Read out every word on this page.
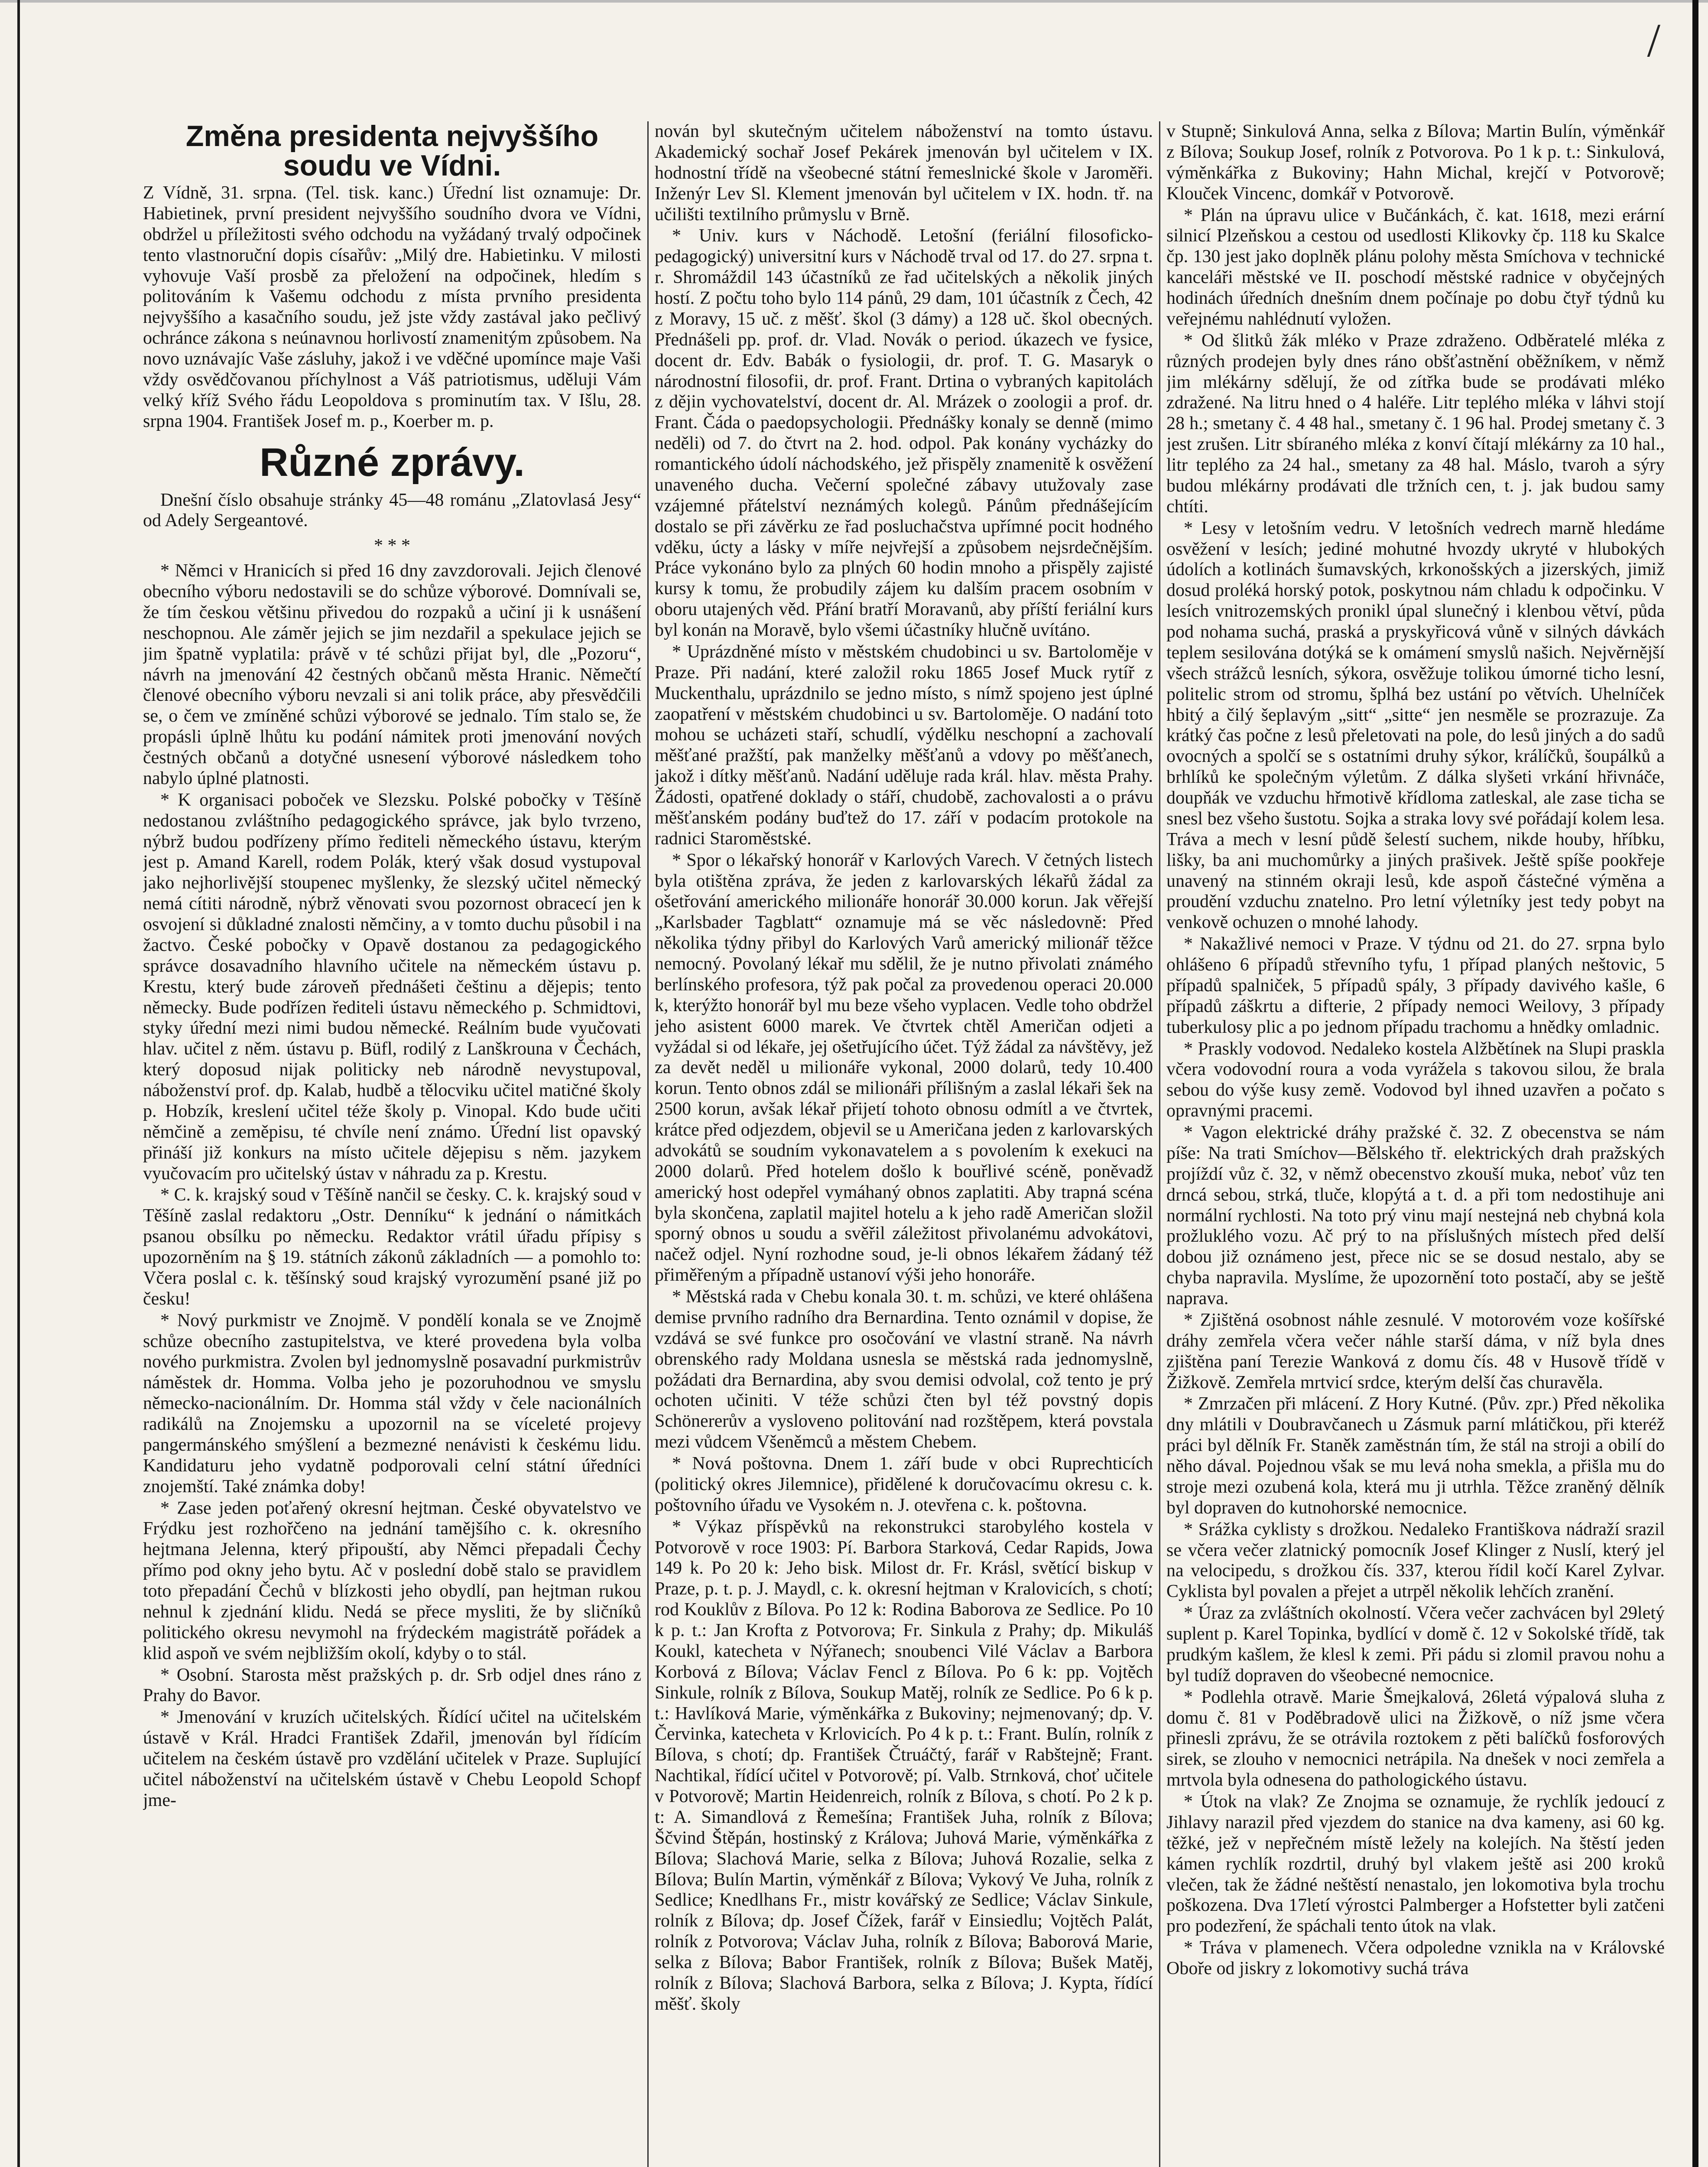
/
Změna presidenta nejvyššího soudu ve Vídni.

Z Vídně, 31. srpna. (Tel. tisk. kanc.) Úřední list oznamuje: Dr. Habietinek, první president nejvyššího soudního dvora ve Vídni, obdržel u příležitosti svého odchodu na vyžádaný trvalý odpočinek tento vlastnoruční dopis císařův: „Milý dre. Habietinku. V milosti vyhovuje Vaší prosbě za přeložení na odpočinek, hledím s politováním k Vašemu odchodu z místa prvního presidenta nejvyššího a kasačního soudu, jež jste vždy zastával jako pečlivý ochránce zákona s neúnavnou horlivostí znamenitým způsobem. Na novo uznávajíc Vaše zásluhy, jakož i ve vděčné upomínce maje Vaši vždy osvědčovanou příchylnost a Váš patriotismus, uděluji Vám velký kříž Svého řádu Leopoldova s prominutím tax. V Išlu, 28. srpna 1904. František Josef m. p., Koerber m. p.

Různé zprávy.

Dnešní číslo obsahuje stránky 45—48 románu „Zlatovlasá Jesy“ od Adely Sergeantové.

* * *

* Němci v Hranicích si před 16 dny zavzdorovali. Jejich členové obecního výboru nedostavili se do schůze výborové. Domnívali se, že tím českou většinu přivedou do rozpaků a učiní ji k usnášení neschopnou. Ale záměr jejich se jim nezdařil a spekulace jejich se jim špatně vyplatila: právě v té schůzi přijat byl, dle „Pozoru“, návrh na jmenování 42 čestných občanů města Hranic. Němečtí členové obecního výboru nevzali si ani tolik práce, aby přesvědčili se, o čem ve zmíněné schůzi výborové se jednalo. Tím stalo se, že propásli úplně lhůtu ku podání námitek proti jmenování nových čestných občanů a dotyčné usnesení výborové následkem toho nabylo úplné platnosti.

* K organisaci poboček ve Slezsku. Polské pobočky v Těšíně nedostanou zvláštního pedagogického správce, jak bylo tvrzeno, nýbrž budou podřízeny přímo řediteli německého ústavu, kterým jest p. Amand Karell, rodem Polák, který však dosud vystupoval jako nejhorlivější stoupenec myšlenky, že slezský učitel německý nemá cítiti národně, nýbrž věnovati svou pozornost obracecí jen k osvojení si důkladné znalosti němčiny, a v tomto duchu působil i na žactvo. České pobočky v Opavě dostanou za pedagogického správce dosavadního hlavního učitele na německém ústavu p. Krestu, který bude zároveň přednášeti češtinu a dějepis; tento německy. Bude podřízen řediteli ústavu německého p. Schmidtovi, styky úřední mezi nimi budou německé. Reálním bude vyučovati hlav. učitel z něm. ústavu p. Büfl, rodilý z Lanškrouna v Čechách, který doposud nijak politicky neb národně nevystupoval, náboženství prof. dp. Kalab, hudbě a tělocviku učitel matičné školy p. Hobzík, kreslení učitel téže školy p. Vinopal. Kdo bude učiti němčině a zeměpisu, té chvíle není známo. Úřední list opavský přináší již konkurs na místo učitele dějepisu s něm. jazykem vyučovacím pro učitelský ústav v náhradu za p. Krestu.

* C. k. krajský soud v Těšíně nančil se česky. C. k. krajský soud v Těšíně zaslal redaktoru „Ostr. Denníku“ k jednání o námitkách psanou obsílku po německu. Redaktor vrátil úřadu přípisy s upozorněním na § 19. státních zákonů základních — a pomohlo to: Včera poslal c. k. těšínský soud krajský vyrozumění psané již po česku!

* Nový purkmistr ve Znojmě. V pondělí konala se ve Znojmě schůze obecního zastupitelstva, ve které provedena byla volba nového purkmistra. Zvolen byl jednomyslně posavadní purkmistrův náměstek dr. Homma. Volba jeho je pozoruhodnou ve smyslu německo-nacionálním. Dr. Homma stál vždy v čele nacionálních radikálů na Znojemsku a upozornil na se víceleté projevy pangermánského smýšlení a bezmezné nenávisti k českému lidu. Kandidaturu jeho vydatně podporovali celní státní úředníci znojemští. Také známka doby!

* Zase jeden poťařený okresní hejtman. České obyvatelstvo ve Frýdku jest rozhořčeno na jednání tamějšího c. k. okresního hejtmana Jelenna, který připouští, aby Němci přepadali Čechy přímo pod okny jeho bytu. Ač v poslední době stalo se pravidlem toto přepadání Čechů v blízkosti jeho obydlí, pan hejtman rukou nehnul k zjednání klidu. Nedá se přece mysliti, že by sličníků politického okresu nevymohl na frýdeckém magistrátě pořádek a klid aspoň ve svém nejbližším okolí, kdyby o to stál.

* Osobní. Starosta měst pražských p. dr. Srb odjel dnes ráno z Prahy do Bavor.

* Jmenování v kruzích učitelských. Řídící učitel na učitelském ústavě v Král. Hradci František Zdařil, jmenován byl řídícím učitelem na českém ústavě pro vzdělání učitelek v Praze. Suplující učitel náboženství na učitelském ústavě v Chebu Leopold Schopf jme-

nován byl skutečným učitelem náboženství na tomto ústavu. Akademický sochař Josef Pekárek jmenován byl učitelem v IX. hodnostní třídě na všeobecné státní řemeslnické škole v Jaroměři. Inženýr Lev Sl. Klement jmenován byl učitelem v IX. hodn. tř. na učilišti textilního průmyslu v Brně.

* Univ. kurs v Náchodě. Letošní (feriální filosoficko-pedagogický) universitní kurs v Náchodě trval od 17. do 27. srpna t. r. Shromáždil 143 účastníků ze řad učitelských a několik jiných hostí. Z počtu toho bylo 114 pánů, 29 dam, 101 účastník z Čech, 42 z Moravy, 15 uč. z měšť. škol (3 dámy) a 128 uč. škol obecných. Přednášeli pp. prof. dr. Vlad. Novák o period. úkazech ve fysice, docent dr. Edv. Babák o fysiologii, dr. prof. T. G. Masaryk o národnostní filosofii, dr. prof. Frant. Drtina o vybraných kapitolách z dějin vychovatelství, docent dr. Al. Mrázek o zoologii a prof. dr. Frant. Čáda o paedopsychologii. Přednášky konaly se denně (mimo neděli) od 7. do čtvrt na 2. hod. odpol. Pak konány vycházky do romantického údolí náchodského, jež přispěly znamenitě k osvěžení unaveného ducha. Večerní společné zábavy utužovaly zase vzájemné přátelství neznámých kolegů. Pánům přednášejícím dostalo se při závěrku ze řad posluchačstva upřímné pocit hodného vděku, úcty a lásky v míře nejvřejší a způsobem nejsrdečnějším. Práce vykonáno bylo za plných 60 hodin mnoho a přispěly zajisté kursy k tomu, že probudily zájem ku dalším pracem osobním v oboru utajených věd. Přání bratří Moravanů, aby příští feriální kurs byl konán na Moravě, bylo všemi účastníky hlučně uvítáno.

* Uprázdněné místo v městském chudobinci u sv. Bartoloměje v Praze. Při nadání, které založil roku 1865 Josef Muck rytíř z Muckenthalu, uprázdnilo se jedno místo, s nímž spojeno jest úplné zaopatření v městském chudobinci u sv. Bartoloměje. O nadání toto mohou se ucházeti staří, schudlí, výdělku neschopní a zachovalí měšťané pražští, pak manželky měšťanů a vdovy po měšťanech, jakož i dítky měšťanů. Nadání uděluje rada král. hlav. města Prahy. Žádosti, opatřené doklady o stáří, chudobě, zachovalosti a o právu měšťanském podány buďtež do 17. září v podacím protokole na radnici Staroměstské.

* Spor o lékařský honorář v Karlových Varech. V četných listech byla otištěna zpráva, že jeden z karlovarských lékařů žádal za ošetřování amerického milionáře honorář 30.000 korun. Jak věřejší „Karlsbader Tagblatt“ oznamuje má se věc následovně: Před několika týdny přibyl do Karlových Varů americký milionář těžce nemocný. Povolaný lékař mu sdělil, že je nutno přivolati známého berlínského profesora, týž pak počal za provedenou operaci 20.000 k, kterýžto honorář byl mu beze všeho vyplacen. Vedle toho obdržel jeho asistent 6000 marek. Ve čtvrtek chtěl Američan odjeti a vyžádal si od lékaře, jej ošetřujícího účet. Týž žádal za návštěvy, jež za devět neděl u milionáře vykonal, 2000 dolarů, tedy 10.400 korun. Tento obnos zdál se milionáři přílišným a zaslal lékaři šek na 2500 korun, avšak lékař přijetí tohoto obnosu odmítl a ve čtvrtek, krátce před odjezdem, objevil se u Američana jeden z karlovarských advokátů se soudním vykonavatelem a s povolením k exekuci na 2000 dolarů. Před hotelem došlo k bouřlivé scéně, poněvadž americký host odepřel vymáhaný obnos zaplatiti. Aby trapná scéna byla skončena, zaplatil majitel hotelu a k jeho radě Američan složil sporný obnos u soudu a svěřil záležitost přivolanému advokátovi, načež odjel. Nyní rozhodne soud, je-li obnos lékařem žádaný též přiměřeným a případně ustanoví výši jeho honoráře.

* Městská rada v Chebu konala 30. t. m. schůzi, ve které ohlášena demise prvního radního dra Bernardina. Tento oznámil v dopise, že vzdává se své funkce pro osočování ve vlastní straně. Na návrh obrenského rady Moldana usnesla se městská rada jednomyslně, požádati dra Bernardina, aby svou demisi odvolal, což tento je prý ochoten učiniti. V téže schůzi čten byl též povstný dopis Schönererův a vysloveno politování nad rozštěpem, která povstala mezi vůdcem Všeněmců a městem Chebem.

* Nová poštovna. Dnem 1. září bude v obci Ruprechticích (politický okres Jilemnice), přidělené k doručovacímu okresu c. k. poštovního úřadu ve Vysokém n. J. otevřena c. k. poštovna.

* Výkaz příspěvků na rekonstrukci starobylého kostela v Potvorově v roce 1903: Pí. Barbora Starková, Cedar Rapids, Jowa 149 k. Po 20 k: Jeho bisk. Milost dr. Fr. Krásl, světící biskup v Praze, p. t. p. J. Maydl, c. k. okresní hejtman v Kralovicích, s chotí; rod Kouklův z Bílova. Po 12 k: Rodina Baborova ze Sedlice. Po 10 k p. t.: Jan Krofta z Potvorova; Fr. Sinkula z Prahy; dp. Mikuláš Koukl, katecheta v Nýřanech; snoubenci Vilé Václav a Barbora Korbová z Bílova; Václav Fencl z Bílova. Po 6 k: pp. Vojtěch Sinkule, rolník z Bílova, Soukup Matěj, rolník ze Sedlice. Po 6 k p. t.: Havlíková Marie, výměnkářka z Bukoviny; nejmenovaný; dp. V. Červinka, katecheta v Krlovicích. Po 4 k p. t.: Frant. Bulín, rolník z Bílova, s chotí; dp. František Čtruáčtý, farář v Rabštejně; Frant. Nachtikal, řídící učitel v Potvorově; pí. Valb. Strnková, choť učitele v Potvorově; Martin Heidenreich, rolník z Bílova, s chotí. Po 2 k p. t: A. Simandlová z Řemešína; František Juha, rolník z Bílova; Ščvind Štěpán, hostinský z Králova; Juhová Marie, výměnkářka z Bílova; Slachová Marie, selka z Bílova; Juhová Rozalie, selka z Bílova; Bulín Martin, výměnkář z Bílova; Vykový Ve Juha, rolník z Sedlice; Knedlhans Fr., mistr kovářský ze Sedlice; Václav Sinkule, rolník z Bílova; dp. Josef Čížek, farář v Einsiedlu; Vojtěch Palát, rolník z Potvorova; Václav Juha, rolník z Bílova; Baborová Marie, selka z Bílova; Babor František, rolník z Bílova; Bušek Matěj, rolník z Bílova; Slachová Barbora, selka z Bílova; J. Kypta, řídící měšť. školy

v Stupně; Sinkulová Anna, selka z Bílova; Martin Bulín, výměnkář z Bílova; Soukup Josef, rolník z Potvorova. Po 1 k p. t.: Sinkulová, výměnkářka z Bukoviny; Hahn Michal, krejčí v Potvorově; Klouček Vincenc, domkář v Potvorově.

* Plán na úpravu ulice v Bučánkách, č. kat. 1618, mezi erární silnicí Plzeňskou a cestou od usedlosti Klikovky čp. 118 ku Skalce čp. 130 jest jako doplněk plánu polohy města Smíchova v technické kanceláři městské ve II. poschodí městské radnice v obyčejných hodinách úředních dnešním dnem počínaje po dobu čtyř týdnů ku veřejnému nahlédnutí vyložen.

* Od šlitků žák mléko v Praze zdraženo. Odběratelé mléka z různých prodejen byly dnes ráno obšťastnění oběžníkem, v němž jim mlékárny sdělují, že od zítřka bude se prodávati mléko zdražené. Na litru hned o 4 haléře. Litr teplého mléka v láhvi stojí 28 h.; smetany č. 4 48 hal., smetany č. 1 96 hal. Prodej smetany č. 3 jest zrušen. Litr sbíraného mléka z konví čítají mlékárny za 10 hal., litr teplého za 24 hal., smetany za 48 hal. Máslo, tvaroh a sýry budou mlékárny prodávati dle tržních cen, t. j. jak budou samy chtíti.

* Lesy v letošním vedru. V letošních vedrech marně hledáme osvěžení v lesích; jediné mohutné hvozdy ukryté v hlubokých údolích a kotlinách šumavských, krkonošských a jizerských, jimiž dosud proléká horský potok, poskytnou nám chladu k odpočinku. V lesích vnitrozemských pronikl úpal slunečný i klenbou větví, půda pod nohama suchá, praská a pryskyřicová vůně v silných dávkách teplem sesilována dotýká se k omámení smyslů našich. Nejvěrnější všech strážců lesních, sýkora, osvěžuje tolikou úmorné ticho lesní, politelic strom od stromu, šplhá bez ustání po větvích. Uhelníček hbitý a čilý šeplavým „sitt“ „sitte“ jen nesměle se prozrazuje. Za krátký čas počne z lesů přeletovati na pole, do lesů jiných a do sadů ovocných a spolčí se s ostatními druhy sýkor, králíčků, šoupálků a brhlíků ke společným výletům. Z dálka slyšeti vrkání hřivnáče, doupňák ve vzduchu hřmotivě křídloma zatleskal, ale zase ticha se snesl bez všeho šustotu. Sojka a straka lovy své pořádají kolem lesa. Tráva a mech v lesní půdě šelestí suchem, nikde houby, hříbku, lišky, ba ani muchomůrky a jiných prašivek. Ještě spíše pookřeje unavený na stinném okraji lesů, kde aspoň částečné výměna a proudění vzduchu znatelno. Pro letní výletníky jest tedy pobyt na venkově ochuzen o mnohé lahody.

* Nakažlivé nemoci v Praze. V týdnu od 21. do 27. srpna bylo ohlášeno 6 případů střevního tyfu, 1 případ planých neštovic, 5 případů spalniček, 5 případů spály, 3 případy davivého kašle, 6 případů záškrtu a difterie, 2 případy nemoci Weilovy, 3 případy tuberkulosy plic a po jednom případu trachomu a hnědky omladnic.

* Praskly vodovod. Nedaleko kostela Alžbětínek na Slupi praskla včera vodovodní roura a voda vyrážela s takovou silou, že brala sebou do výše kusy země. Vodovod byl ihned uzavřen a počato s opravnými pracemi.

* Vagon elektrické dráhy pražské č. 32. Z obecenstva se nám píše: Na trati Smíchov—Bělského tř. elektrických drah pražských projíždí vůz č. 32, v němž obecenstvo zkouší muka, neboť vůz ten drncá sebou, strká, tluče, klopýtá a t. d. a při tom nedostihuje ani normální rychlosti. Na toto prý vinu mají nestejná neb chybná kola prožluklého vozu. Ač prý to na příslušných místech před delší dobou již oznámeno jest, přece nic se se dosud nestalo, aby se chyba napravila. Myslíme, že upozornění toto postačí, aby se ještě napravа.

* Zjištěná osobnost náhle zesnulé. V motorovém voze košířské dráhy zemřela včera večer náhle starší dáma, v níž byla dnes zjištěna paní Terezie Wanková z domu čís. 48 v Husově třídě v Žižkově. Zemřela mrtvicí srdce, kterým delší čas churavěla.

* Zmrzačen při mlácení. Z Hory Kutné. (Pův. zpr.) Před několika dny mlátili v Doubravčanech u Zásmuk parní mlátičkou, při kteréž práci byl dělník Fr. Staněk zaměstnán tím, že stál na stroji a obilí do něho dával. Pojednou však se mu levá noha smekla, a přišla mu do stroje mezi ozubená kola, která mu ji utrhla. Těžce zraněný dělník byl dopraven do kutnohorské nemocnice.

* Srážka cyklisty s drožkou. Nedaleko Františkova nádraží srazil se včera večer zlatnický pomocník Josef Klinger z Nuslí, který jel na velocipedu, s drožkou čís. 337, kterou řídil kočí Karel Zylvar. Cyklista byl povalen a přejet a utrpěl několik lehčích zranění.

* Úraz za zvláštních okolností. Včera večer zachvácen byl 29letý suplent p. Karel Topinka, bydlící v domě č. 12 v Sokolské třídě, tak prudkým kašlem, že klesl k zemi. Při pádu si zlomil pravou nohu a byl tudíž dopraven do všeobecné nemocnice.

* Podlehla otravě. Marie Šmejkalová, 26letá výpalová sluha z domu č. 81 v Poděbradově ulici na Žižkově, o níž jsme včera přinesli zprávu, že se otrávila roztokem z pěti balíčků fosforových sirek, se zlouho v nemocnici netrápila. Na dnešek v noci zemřela a mrtvola byla odnesena do pathologického ústavu.

* Útok na vlak? Ze Znojma se oznamuje, že rychlík jedoucí z Jihlavy narazil před vjezdem do stanice na dva kameny, asi 60 kg. těžké, jež v nepřečném místě ležely na kolejích. Na štěstí jeden kámen rychlík rozdrtil, druhý byl vlakem ještě asi 200 kroků vlečen, tak že žádné neštěstí nenastalo, jen lokomotiva byla trochu poškozena. Dva 17letí výrostci Palmberger a Hofstetter byli zatčeni pro podezření, že spáchali tento útok na vlak.

* Tráva v plamenech. Včera odpoledne vznikla na v Královské Oboře od jiskry z lokomotivy suchá tráva
